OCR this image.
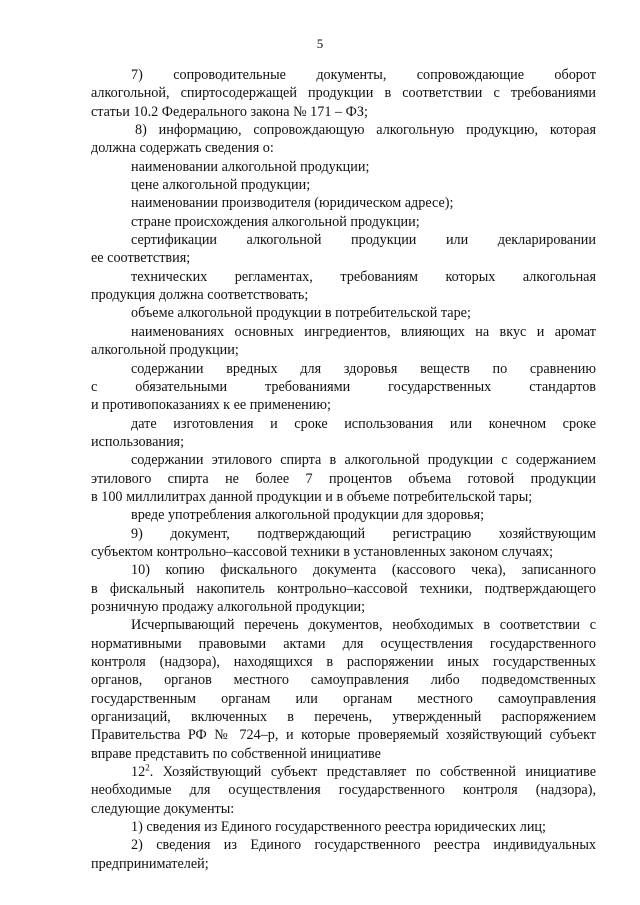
5

7) сопроводительные документы, сопровождающие оборот

алкогольной, спиртосодержащей продукции в соответствии с требованиями

статьи 10.2 Федерального закона № 171 – ФЗ;

8) информацию, сопровождающую алкогольную продукцию, которая

должна содержать сведения о:

наименовании алкогольной продукции;

цене алкогольной продукции;

наименовании производителя (юридическом адресе);

стране происхождения алкогольной продукции;

сертификации алкогольной продукции или декларировании

ее соответствия;

технических регламентах, требованиям которых алкогольная

продукция должна соответствовать;

объеме алкогольной продукции в потребительской таре;

наименованиях основных ингредиентов, влияющих на вкус и аромат

алкогольной продукции;

содержании вредных для здоровья веществ по сравнению

с обязательными требованиями государственных стандартов

и противопоказаниях к ее применению;

дате изготовления и сроке использования или конечном сроке

использования;

содержании этилового спирта в алкогольной продукции с содержанием

этилового спирта не более 7 процентов объема готовой продукции

в 100 миллилитрах данной продукции и в объеме потребительской тары;

вреде употребления алкогольной продукции для здоровья;

9) документ, подтверждающий регистрацию хозяйствующим

субъектом контрольно–кассовой техники в установленных законом случаях;

10) копию фискального документа (кассового чека), записанного

в фискальный накопитель контрольно–кассовой техники, подтверждающего

розничную продажу алкогольной продукции;

Исчерпывающий перечень документов, необходимых в соответствии с

нормативными правовыми актами для осуществления государственного

контроля (надзора), находящихся в распоряжении иных государственных

органов, органов местного самоуправления либо подведомственных

государственным органам или органам местного самоуправления

организаций, включенных в перечень, утвержденный распоряжением

Правительства РФ № 724–р, и которые проверяемый хозяйствующий субъект

вправе представить по собственной инициативе

$12^2$. Хозяйствующий субъект представляет по собственной инициативе

необходимые для осуществления государственного контроля (надзора),

следующие документы:

1) сведения из Единого государственного реестра юридических лиц;

2) сведения из Единого государственного реестра индивидуальных

предпринимателей;
